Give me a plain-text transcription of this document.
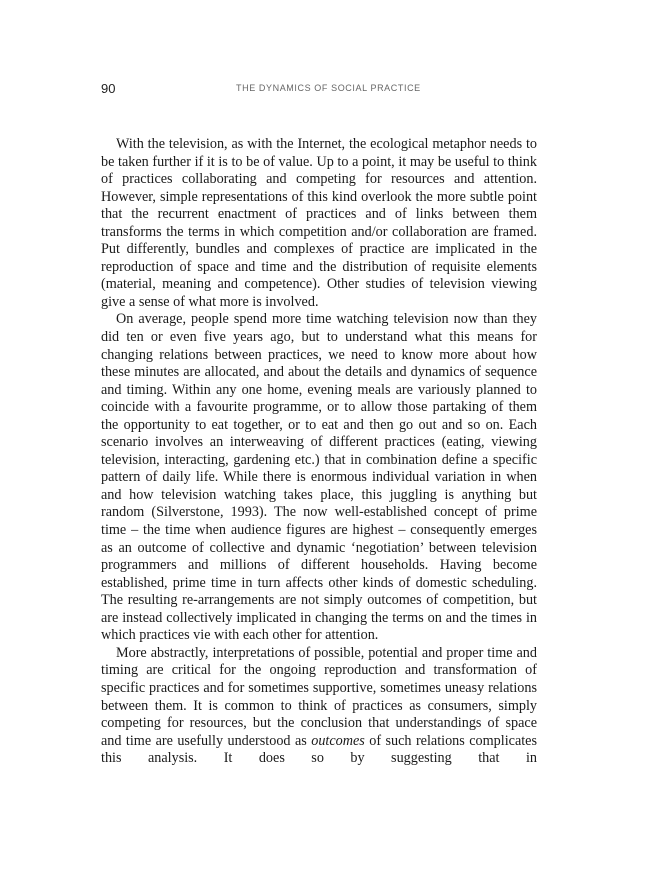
90	THE DYNAMICS OF SOCIAL PRACTICE

With the television, as with the Internet, the ecological metaphor needs to be taken further if it is to be of value. Up to a point, it may be useful to think of practices collaborating and competing for resources and attention. However, simple representations of this kind overlook the more subtle point that the recurrent enactment of practices and of links between them transforms the terms in which competition and/or collaboration are framed. Put differently, bundles and complexes of practice are implicated in the reproduction of space and time and the distribution of requisite elements (material, meaning and competence). Other studies of television viewing give a sense of what more is involved.

On average, people spend more time watching television now than they did ten or even five years ago, but to understand what this means for changing relations between practices, we need to know more about how these minutes are allocated, and about the details and dynamics of sequence and timing. Within any one home, evening meals are variously planned to coincide with a favourite programme, or to allow those partaking of them the opportunity to eat together, or to eat and then go out and so on. Each scenario involves an interweaving of different practices (eating, viewing television, interacting, gardening etc.) that in combination define a specific pattern of daily life. While there is enormous individual variation in when and how television watching takes place, this juggling is anything but random (Silverstone, 1993). The now well-established concept of prime time – the time when audience figures are highest – consequently emerges as an outcome of collective and dynamic ‘negotiation’ between television programmers and millions of different households. Having become established, prime time in turn affects other kinds of domestic scheduling. The resulting re-arrangements are not simply outcomes of competition, but are instead collectively implicated in changing the terms on and the times in which practices vie with each other for attention.

More abstractly, interpretations of possible, potential and proper time and timing are critical for the ongoing reproduction and transformation of specific practices and for sometimes supportive, sometimes uneasy relations between them. It is common to think of practices as consumers, simply competing for resources, but the conclusion that understandings of space and time are usefully understood as outcomes of such relations complicates this analysis. It does so by suggesting that in
